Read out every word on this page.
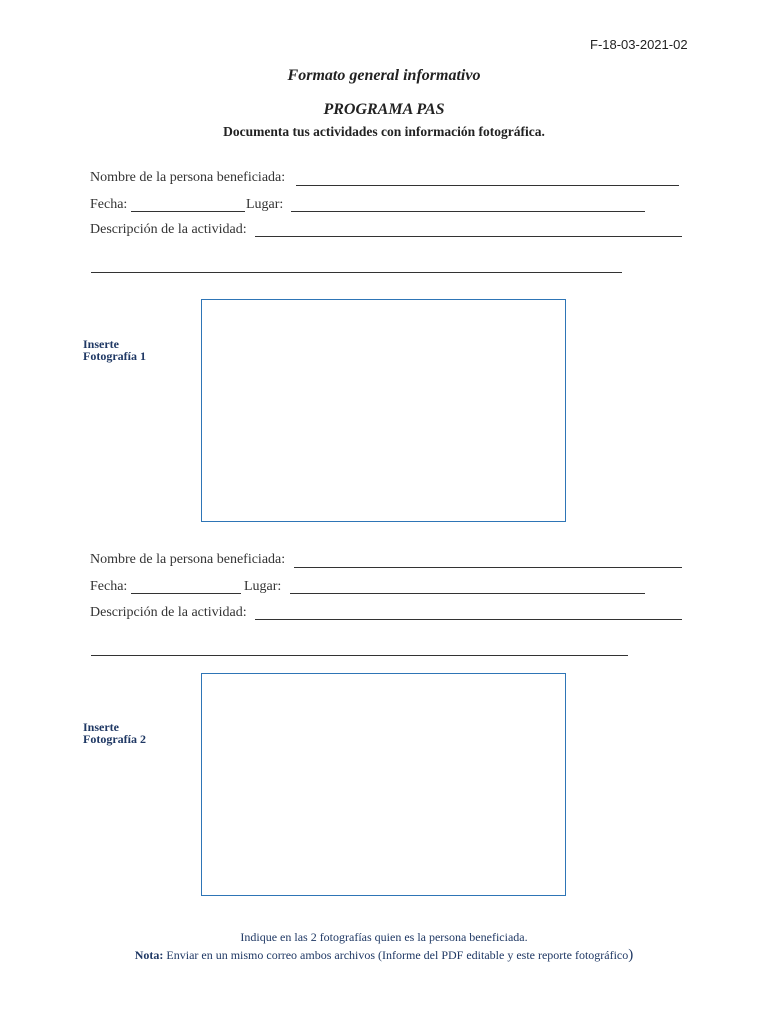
F-18-03-2021-02
Formato general informativo
PROGRAMA PAS
Documenta tus actividades con información fotográfica.
Nombre de la persona beneficiada:
Fecha:	Lugar:
Descripción de la actividad:
Inserte
Fotografía 1
Nombre de la persona beneficiada:
Fecha:	Lugar:
Descripción de la actividad:
Inserte
Fotografía 2
Indique en las 2 fotografías quien es la persona beneficiada.
Nota: Enviar en un mismo correo ambos archivos (Informe del PDF editable y este reporte fotográfico)
